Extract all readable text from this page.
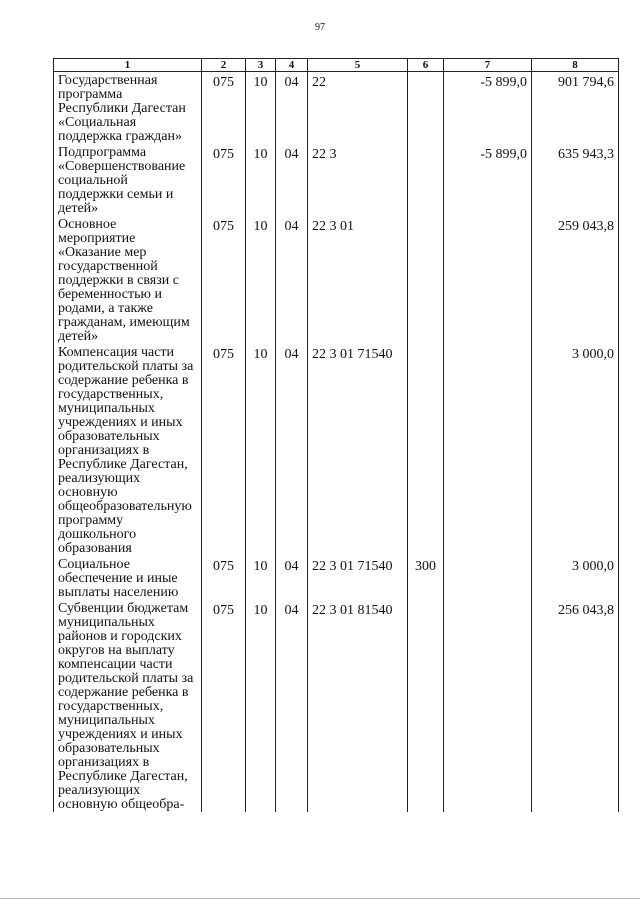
97
1	2	3	4	5	6	7	8

Государственная программа Республики Дагестан «Социальная поддержка граждан»	075	10	04	22		-5 899,0	901 794,6

Подпрограмма «Совершенствование социальной поддержки семьи и детей»	075	10	04	22 3		-5 899,0	635 943,3

Основное мероприятие «Оказание мер государственной поддержки в связи с беременностью и родами, а также гражданам, имеющим детей»	075	10	04	22 3 01			259 043,8

Компенсация части родительской платы за содержание ребенка в государственных, муниципальных учреждениях и иных образовательных организациях в Республике Дагестан, реализующих основную общеобразовательную программу дошкольного образования	075	10	04	22 3 01 71540			3 000,0

Социальное обеспечение и иные выплаты населению	075	10	04	22 3 01 71540	300		3 000,0

Субвенции бюджетам муниципальных районов и городских округов на выплату компенсации части родительской платы за содержание ребенка в государственных, муниципальных учреждениях и иных образовательных организациях в Республике Дагестан, реализующих основную общеобра-	075	10	04	22 3 01 81540			256 043,8
